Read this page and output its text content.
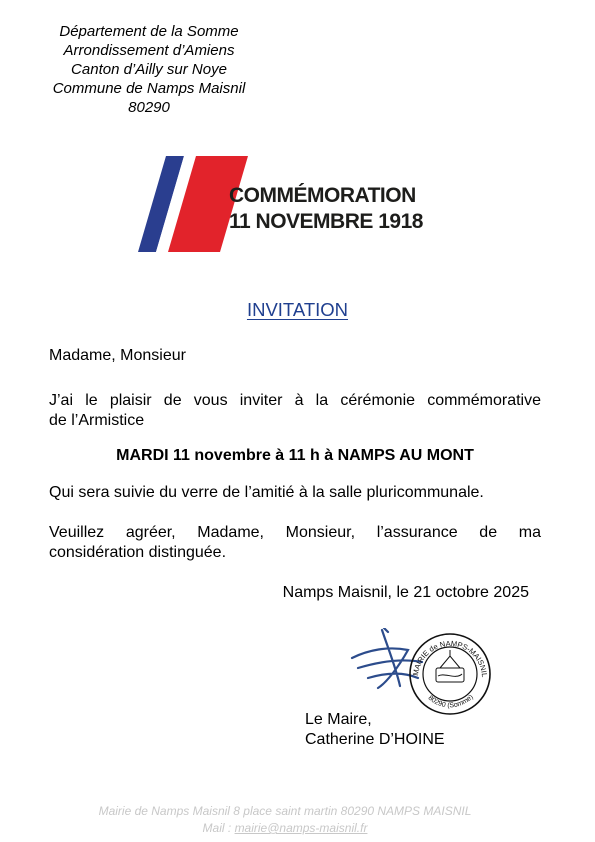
Département de la Somme
Arrondissement d’Amiens
Canton d’Ailly sur Noye
Commune de Namps Maisnil
80290
COMMÉMORATION
11 NOVEMBRE 1918
INVITATION
Madame, Monsieur
J’ai le plaisir de vous inviter à la cérémonie commémorative
de l’Armistice
MARDI 11 novembre à 11 h à NAMPS AU MONT
Qui sera suivie du verre de l’amitié à la salle pluricommunale.
Veuillez agréer, Madame, Monsieur, l’assurance de ma
considération distinguée.
Namps Maisnil, le 21 octobre 2025
MAIRIE de NAMPS-MAISNIL
80290 (Somme)
Le Maire,
Catherine D’HOINE
Mairie de Namps Maisnil 8 place saint martin 80290 NAMPS MAISNIL
Mail : mairie@namps-maisnil.fr
